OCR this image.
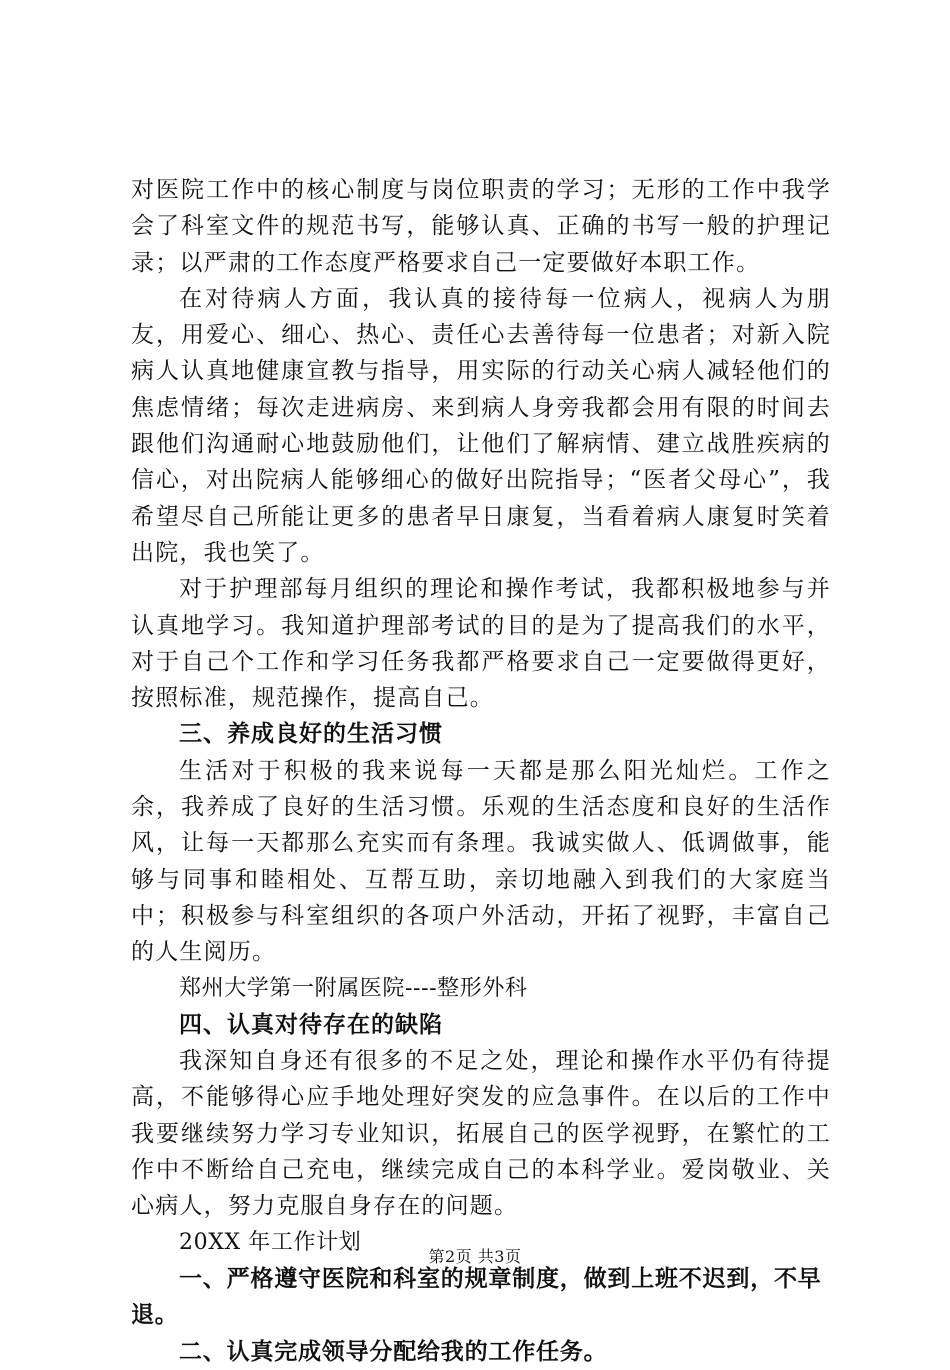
对医院工作中的核心制度与岗位职责的学习；无形的工作中我学会了科室文件的规范书写，能够认真、正确的书写一般的护理记录；以严肃的工作态度严格要求自己一定要做好本职工作。

在对待病人方面，我认真的接待每一位病人，视病人为朋友，用爱心、细心、热心、责任心去善待每一位患者；对新入院病人认真地健康宣教与指导，用实际的行动关心病人减轻他们的焦虑情绪；每次走进病房、来到病人身旁我都会用有限的时间去跟他们沟通耐心地鼓励他们，让他们了解病情、建立战胜疾病的信心，对出院病人能够细心的做好出院指导；“医者父母心”，我希望尽自己所能让更多的患者早日康复，当看着病人康复时笑着出院，我也笑了。

对于护理部每月组织的理论和操作考试，我都积极地参与并认真地学习。我知道护理部考试的目的是为了提高我们的水平，对于自己个工作和学习任务我都严格要求自己一定要做得更好，按照标准，规范操作，提高自己。

三、养成良好的生活习惯

生活对于积极的我来说每一天都是那么阳光灿烂。工作之余，我养成了良好的生活习惯。乐观的生活态度和良好的生活作风，让每一天都那么充实而有条理。我诚实做人、低调做事，能够与同事和睦相处、互帮互助，亲切地融入到我们的大家庭当中；积极参与科室组织的各项户外活动，开拓了视野，丰富自己的人生阅历。

郑州大学第一附属医院----整形外科

四、认真对待存在的缺陷

我深知自身还有很多的不足之处，理论和操作水平仍有待提高，不能够得心应手地处理好突发的应急事件。在以后的工作中我要继续努力学习专业知识，拓展自己的医学视野，在繁忙的工作中不断给自己充电，继续完成自己的本科学业。爱岗敬业、关心病人，努力克服自身存在的问题。

20XX 年工作计划

一、严格遵守医院和科室的规章制度，做到上班不迟到，不早退。

二、认真完成领导分配给我的工作任务。

第2页 共3页
